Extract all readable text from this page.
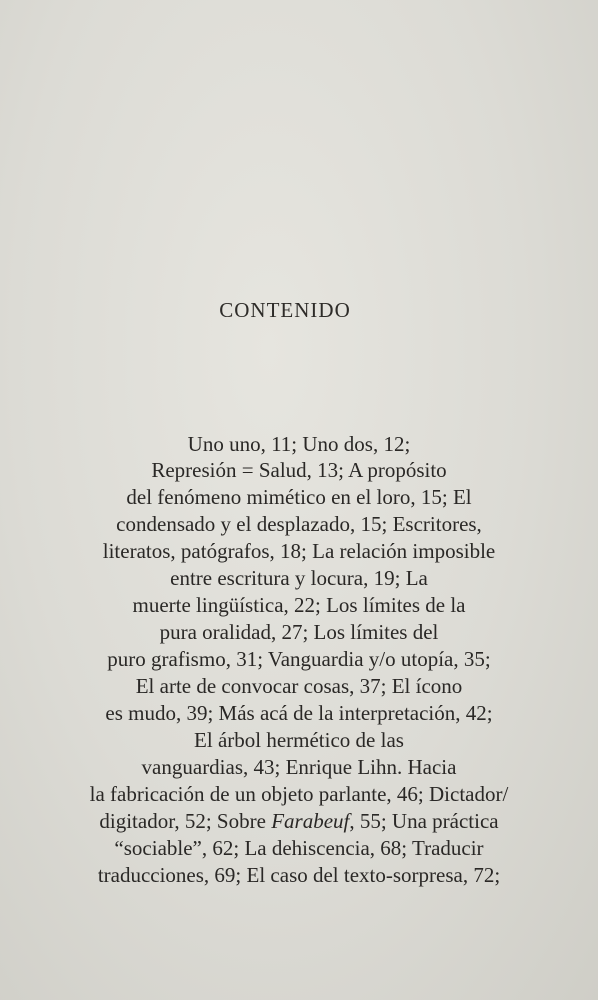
CONTENIDO
Uno uno, 11; Uno dos, 12;
Represión = Salud, 13; A propósito
del fenómeno mimético en el loro, 15; El
condensado y el desplazado, 15; Escritores,
literatos, patógrafos, 18; La relación imposible
entre escritura y locura, 19; La
muerte lingüística, 22; Los límites de la
pura oralidad, 27; Los límites del
puro grafismo, 31; Vanguardia y/o utopía, 35;
El arte de convocar cosas, 37; El ícono
es mudo, 39; Más acá de la interpretación, 42;
El árbol hermético de las
vanguardias, 43; Enrique Lihn. Hacia
la fabricación de un objeto parlante, 46; Dictador/
digitador, 52; Sobre Farabeuf, 55; Una práctica
“sociable”, 62; La dehiscencia, 68; Traducir
traducciones, 69; El caso del texto-sorpresa, 72;
